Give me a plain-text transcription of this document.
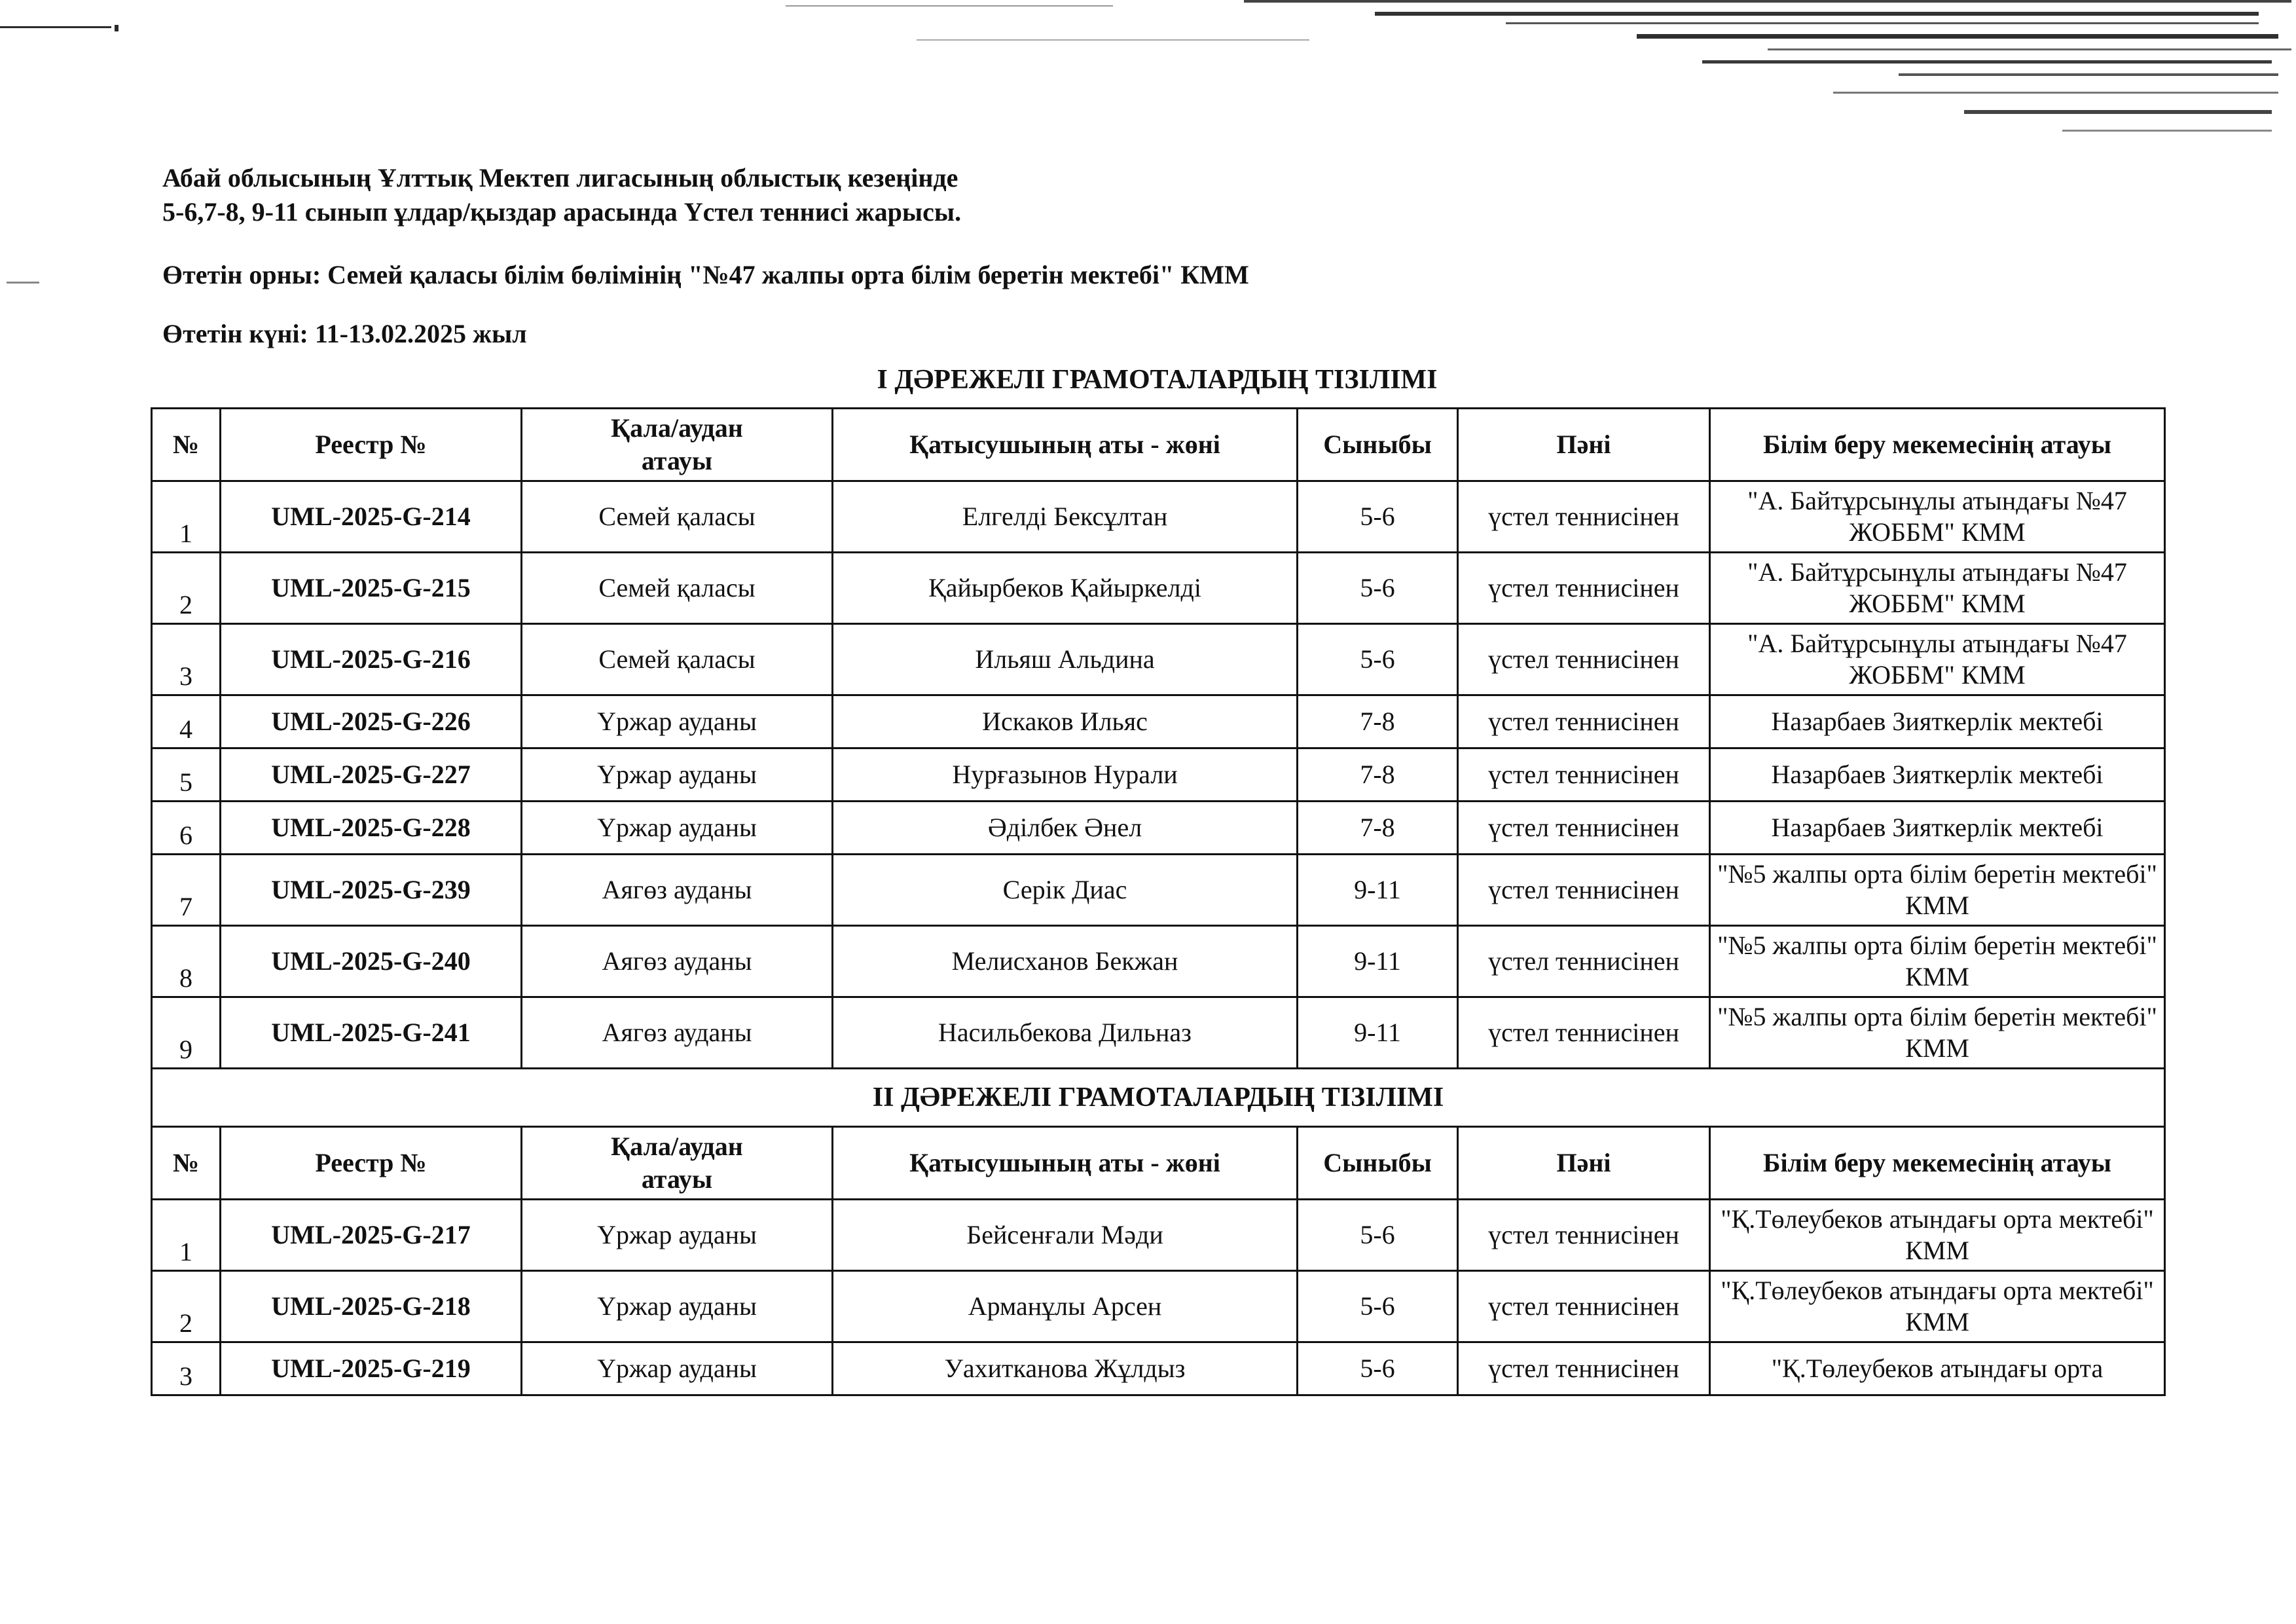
Абай облысының Ұлттық Мектеп лигасының облыстық кезеңінде
5-6,7-8, 9-11 сынып ұлдар/қыздар арасында Үстел теннисі жарысы.
Өтетін орны: Семей қаласы білім бөлімінің "№47 жалпы орта білім беретін мектебі" КММ
Өтетін күні: 11-13.02.2025 жыл
І ДӘРЕЖЕЛІ ГРАМОТАЛАРДЫҢ ТІЗІЛІМІ
№	Реестр №	Қала/аудан атауы	Қатысушының аты - жөні	Сыныбы	Пәні	Білім беру мекемесінің атауы
1	UML-2025-G-214	Семей қаласы	Елгелді Бексұлтан	5-6	үстел теннисінен	"А. Байтұрсынұлы атындағы №47 ЖОББМ" КММ
2	UML-2025-G-215	Семей қаласы	Қайырбеков Қайыркелді	5-6	үстел теннисінен	"А. Байтұрсынұлы атындағы №47 ЖОББМ" КММ
3	UML-2025-G-216	Семей қаласы	Ильяш Альдина	5-6	үстел теннисінен	"А. Байтұрсынұлы атындағы №47 ЖОББМ" КММ
4	UML-2025-G-226	Үржар ауданы	Искаков Ильяс	7-8	үстел теннисінен	Назарбаев Зияткерлік мектебі
5	UML-2025-G-227	Үржар ауданы	Нурғазынов Нурали	7-8	үстел теннисінен	Назарбаев Зияткерлік мектебі
6	UML-2025-G-228	Үржар ауданы	Әділбек Әнел	7-8	үстел теннисінен	Назарбаев Зияткерлік мектебі
7	UML-2025-G-239	Аягөз ауданы	Серік Диас	9-11	үстел теннисінен	"№5 жалпы орта білім беретін мектебі" КММ
8	UML-2025-G-240	Аягөз ауданы	Мелисханов Бекжан	9-11	үстел теннисінен	"№5 жалпы орта білім беретін мектебі" КММ
9	UML-2025-G-241	Аягөз ауданы	Насильбекова Дильназ	9-11	үстел теннисінен	"№5 жалпы орта білім беретін мектебі" КММ
ІІ ДӘРЕЖЕЛІ ГРАМОТАЛАРДЫҢ ТІЗІЛІМІ						
№	Реестр №	Қала/аудан атауы	Қатысушының аты - жөні	Сыныбы	Пәні	Білім беру мекемесінің атауы
1	UML-2025-G-217	Үржар ауданы	Бейсенғали Мәди	5-6	үстел теннисінен	"Қ.Төлеубеков атындағы орта мектебі" КММ
2	UML-2025-G-218	Үржар ауданы	Арманұлы Арсен	5-6	үстел теннисінен	"Қ.Төлеубеков атындағы орта мектебі" КММ
3	UML-2025-G-219	Үржар ауданы	Уахитканова Жұлдыз	5-6	үстел теннисінен	"Қ.Төлеубеков атындағы орта
